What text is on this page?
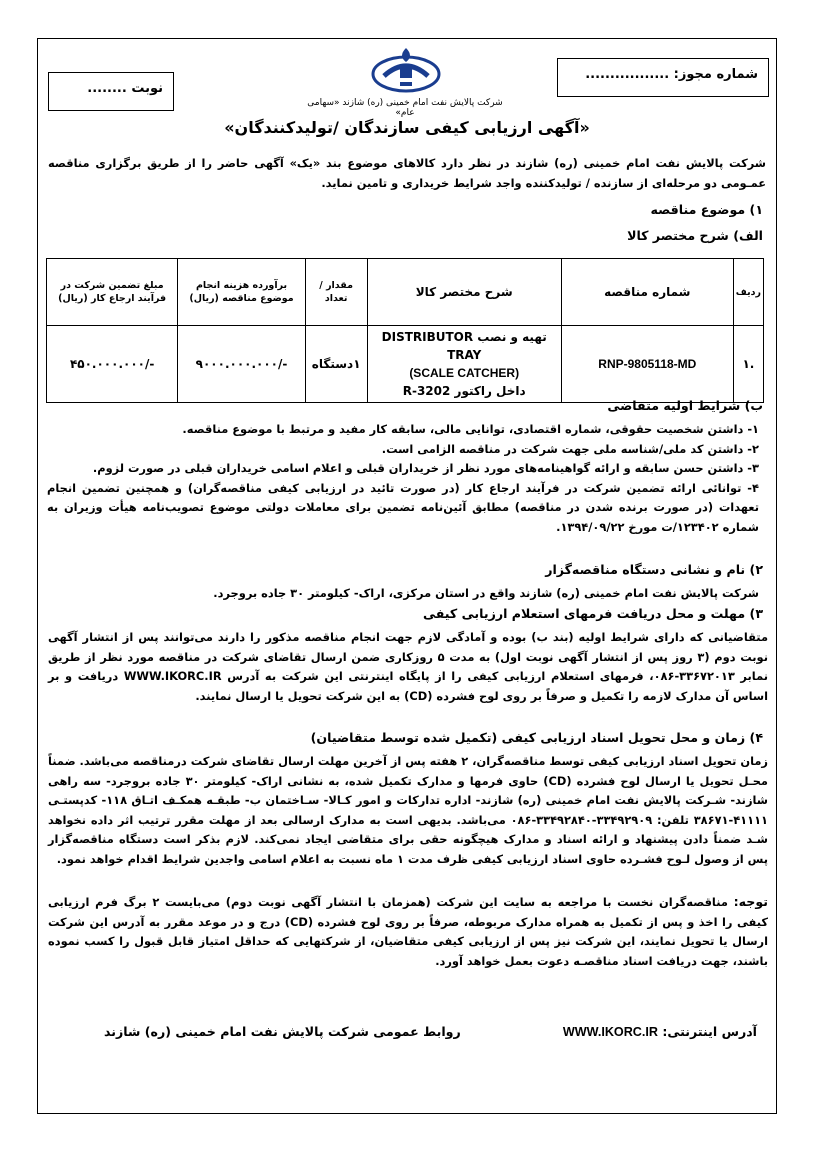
شماره مجوز: .................
نوبت ........
شرکت پالایش نفت امام خمینی (ره) شازند «سهامی عام»
«آگهی ارزیابی کیفی سازندگان /تولیدکنندگان»
شرکت پالایش نفت امام خمینی (ره) شازند در نظر دارد کالاهای موضوع بند «یک» آگهی حاضر را از طریق برگزاری مناقصه عمـومی دو مرحله‌ای از سازنده / تولیدکننده واجد شرایط خریداری و تامین نماید.
۱) موضوع مناقصه
الف) شرح مختصر کالا
ردیف	شماره مناقصه	شرح مختصر کالا	مقدار / تعداد	برآورده هزینه انجام موضوع مناقصه (ریال)	مبلغ تضمین شرکت در فرآیند ارجاع کار (ریال)
.۱	RNP-9805118-MD	تهیه و نصب DISTRIBUTOR TRAY
(SCALE CATCHER)
داخل راکتور R-3202	۱دستگاه	۹۰۰۰.۰۰۰.۰۰۰/-	۴۵۰.۰۰۰.۰۰۰/-
ب) شرایط اولیه متقاضی

۱- داشتن شخصیت حقوقی، شماره اقتصادی، توانایی مالی، سابقه کار مفید و مرتبط با موضوع مناقصه.

۲- داشتن کد ملی/شناسه ملی جهت شرکت در مناقصه الزامی است.

۳- داشتن حسن سابقه و ارائه گواهینامه‌های مورد نظر از خریداران قبلی و اعلام اسامی خریداران قبلی در صورت لزوم.

۴- توانائی ارائه تضمین شرکت در فرآیند ارجاع کار (در صورت تائید در ارزیابی کیفی مناقصه‌گران) و همچنین تضمین انجام تعهدات (در صورت برنده شدن در مناقصه) مطابق آئین‌نامه تضمین برای معاملات دولتی موضوع تصویب‌نامه هیأت وزیران به شماره ۱۲۳۴۰۲/ت مورخ ۱۳۹۴/۰۹/۲۲.

۲) نام و نشانی دستگاه مناقصه‌گزار
شرکت پالایش نفت امام خمینی (ره) شازند واقع در استان مرکزی، اراک- کیلومتر ۳۰ جاده بروجرد.
۳) مهلت و محل دریافت فرمهای استعلام ارزیابی کیفی
متقاضیانی که دارای شرایط اولیه (بند ب) بوده و آمادگی لازم جهت انجام مناقصه مذکور را دارند می‌توانند پس از انتشار آگهی نوبت دوم (۳ روز پس از انتشار آگهی نوبت اول) به مدت ۵ روزکاری ضمن ارسال تقاضای شرکت در مناقصه مورد نظر از طریق نمابر ۳۳۶۷۲۰۱۳-۰۸۶، فرمهای استعلام ارزیابی کیفی را از پایگاه اینترنتی این شرکت به آدرس WWW.IKORC.IR دریافت و بر اساس آن مدارک لازمه را تکمیل و صرفاً بر روی لوح فشرده (CD) به این شرکت تحویل یا ارسال نمایند.
۴) زمان و محل تحویل اسناد ارزیابی کیفی (تکمیل شده توسط متقاضیان)
زمان تحویل اسناد ارزیابی کیفی توسط مناقصه‌گران، ۲ هفته پس از آخرین مهلت ارسال تقاضای شرکت درمناقصه می‌باشد. ضمناً محـل تحویل یا ارسال لوح فشرده (CD) حاوی فرمها و مدارک تکمیل شده، به نشانی اراک- کیلومتر ۳۰ جاده بروجرد- سه راهی شازند- شـرکت پالایش نفت امام خمینی (ره) شازند- اداره تدارکات و امور کـالا- سـاختمان ب- طبقـه همکـف اتـاق ۱۱۸- کدپستـی ۴۱۱۱۱-۳۸۶۷۱ تلفن: ۳۳۴۹۲۹۰۹-۳۳۴۹۲۸۴۰-۰۸۶ می‌باشد. بدیهی است به مدارک ارسالی بعد از مهلت مقرر ترتیب اثر داده نخواهد شـد ضمناً دادن پیشنهاد و ارائه اسناد و مدارک هیچگونه حقی برای متقاضی ایجاد نمی‌کند. لازم بذکر است دستگاه مناقصه‌گزار پس از وصول لـوح فشـرده حاوی اسناد ارزیابی کیفی ظرف مدت ۱ ماه نسبت به اعلام اسامی واجدین شرایط اقدام خواهد نمود.
توجه: مناقصه‌گران نخست با مراجعه به سایت این شرکت (همزمان با انتشار آگهی نوبت دوم) می‌بایست ۲ برگ فرم ارزیابی کیفی را اخذ و پس از تکمیل به همراه مدارک مربوطه، صرفاً بر روی لوح فشرده (CD) درج و در موعد مقرر به آدرس این شرکت ارسال یا تحویل نمایند، این شرکت نیز پس از ارزیابی کیفی متقاضیان، از شرکتهایی که حداقل امتیاز قابل قبول را کسب نموده باشند، جهت دریافت اسناد مناقصـه دعوت بعمل خواهد آورد.
آدرس اینترنتی: WWW.IKORC.IR
روابط عمومی شرکت پالایش نفت امام خمینی (ره) شازند
